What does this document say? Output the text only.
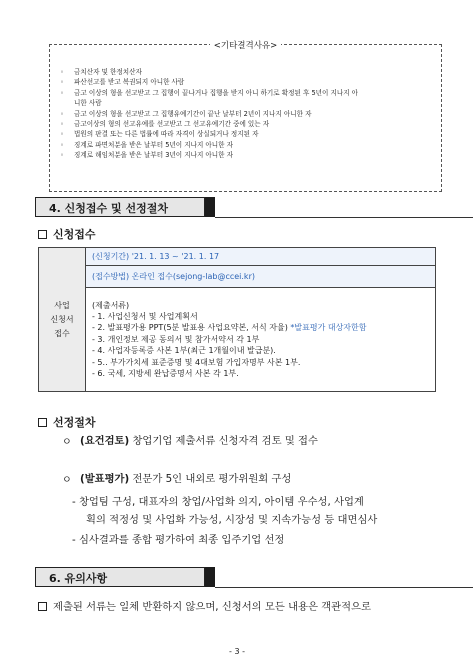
<기타결격사유>
◦ 금치산자 및 한정치산자
◦ 파산선고를 받고 복권되지 아니한 사람
◦ 금고 이상의 형을 선고받고 그 집행이 끝나거나 집행을 받지 아니 하기로 확정된 후 5년이 지나지 아
니한 사람
◦ 금고 이상의 형을 선고받고 그 집행유예기간이 끝난 날부터 2년이 지나지 아니한 자
◦ 금고이상의 형의 선고유예를 선고받고 그 선고유예기간 중에 있는 자
◦ 법원의 판결 또는 다른 법률에 따라 자격이 상실되거나 정지된 자
◦ 징계로 파면처분을 받은 날부터 5년이 지나지 아니한 자
◦ 징계로 해임처분을 받은 날부터 3년이 지나지 아니한 자
4. 신청접수 및 선정절차
신청접수
사업
신청서
접수
	(신청기간) '21. 1. 13 ~ '21. 1. 17
(접수방법) 온라인 접수(sejong-lab@ccei.kr)

(제출서류)
- 1. 사업신청서 및 사업계획서
- 2. 발표평가용 PPT(5분 발표용 사업요약본, 서식 자율) *발표평가 대상자한함
- 3. 개인정보 제공 동의서 및 참가서약서 각 1부
- 4. 사업자등록증 사본 1부(최근 1개월이내 발급분).
- 5.. 부가가치세 표준증명 및 4대보험 가입자명부 사본 1부.
- 6. 국세, 지방세 완납증명서 사본 각 1부.
선정절차
ㅇ (요건검토) 창업기업 제출서류 신청자격 검토 및 접수
ㅇ (발표평가) 전문가 5인 내외로 평가위원회 구성
- 창업팀 구성, 대표자의 창업/사업화 의지, 아이템 우수성, 사업계
획의 적정성 및 사업화 가능성, 시장성 및 지속가능성 등 대면심사
- 심사결과를 종합 평가하여 최종 입주기업 선정
6. 유의사항
제출된 서류는 일체 반환하지 않으며, 신청서의 모든 내용은 객관적으로
- 3 -
